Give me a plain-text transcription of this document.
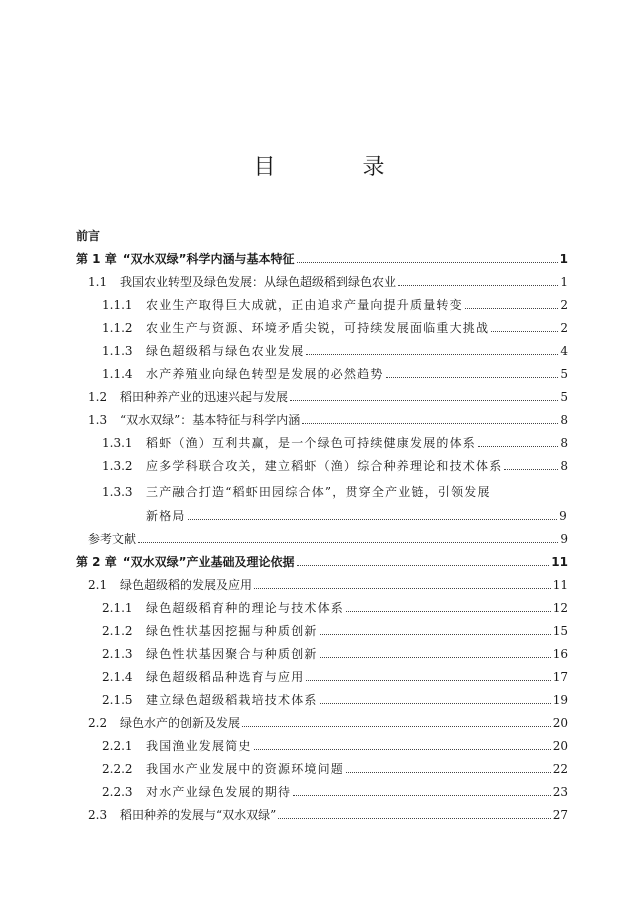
目 录
前言
第 1 章 “双水双绿”科学内涵与基本特征	1
1.1	我国农业转型及绿色发展：从绿色超级稻到绿色农业	1
1.1.1	农业生产取得巨大成就，正由追求产量向提升质量转变	2
1.1.2	农业生产与资源、环境矛盾尖锐，可持续发展面临重大挑战	2
1.1.3	绿色超级稻与绿色农业发展	4
1.1.4	水产养殖业向绿色转型是发展的必然趋势	5
1.2	稻田种养产业的迅速兴起与发展	5
1.3	“双水双绿”：基本特征与科学内涵	8
1.3.1	稻虾（渔）互利共赢，是一个绿色可持续健康发展的体系	8
1.3.2	应多学科联合攻关，建立稻虾（渔）综合种养理论和技术体系	8
1.3.3	三产融合打造“稻虾田园综合体”，贯穿全产业链，引领发展
新格局	9
参考文献	9
第 2 章 “双水双绿”产业基础及理论依据	11
2.1	绿色超级稻的发展及应用	11
2.1.1	绿色超级稻育种的理论与技术体系	12
2.1.2	绿色性状基因挖掘与种质创新	15
2.1.3	绿色性状基因聚合与种质创新	16
2.1.4	绿色超级稻品种选育与应用	17
2.1.5	建立绿色超级稻栽培技术体系	19
2.2	绿色水产的创新及发展	20
2.2.1	我国渔业发展简史	20
2.2.2	我国水产业发展中的资源环境问题	22
2.2.3	对水产业绿色发展的期待	23
2.3	稻田种养的发展与“双水双绿”	27
